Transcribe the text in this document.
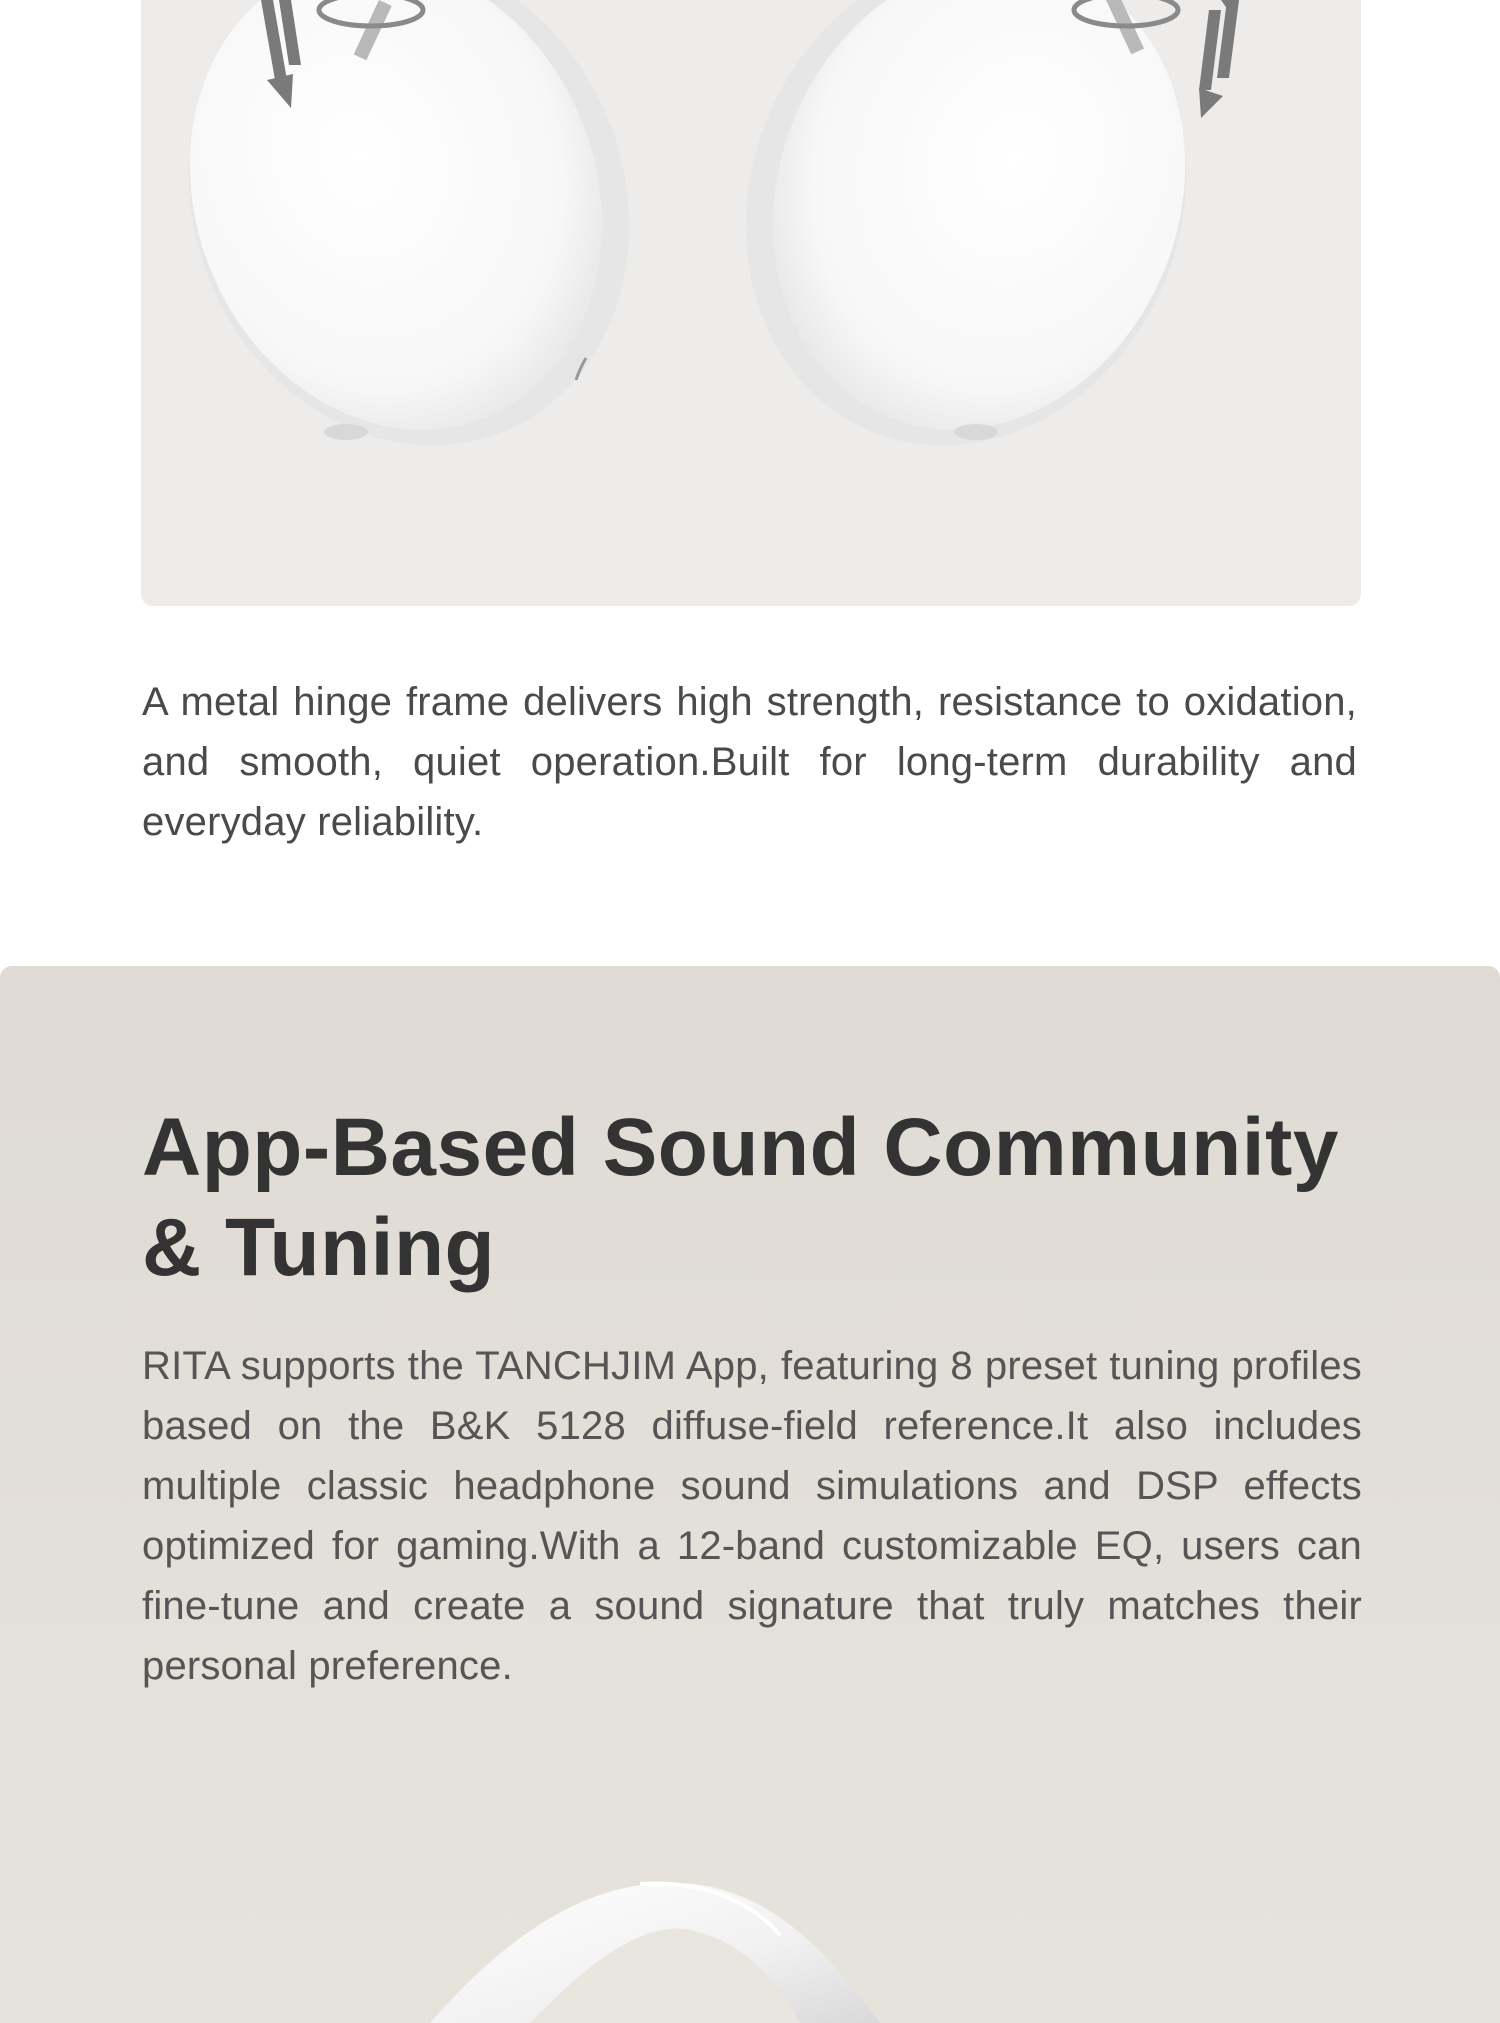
A metal hinge frame delivers high strength, resistance to oxidation, and smooth, quiet operation.Built for long-term durability and everyday reliability.

App-Based Sound Community
& Tuning

RITA supports the TANCHJIM App, featuring 8 preset tuning profiles based on the B&K 5128 diffuse-field reference.It also includes multiple classic headphone sound simulations and DSP effects optimized for gaming.With a 12-band customizable EQ, users can fine-tune and create a sound signature that truly matches their personal preference.
